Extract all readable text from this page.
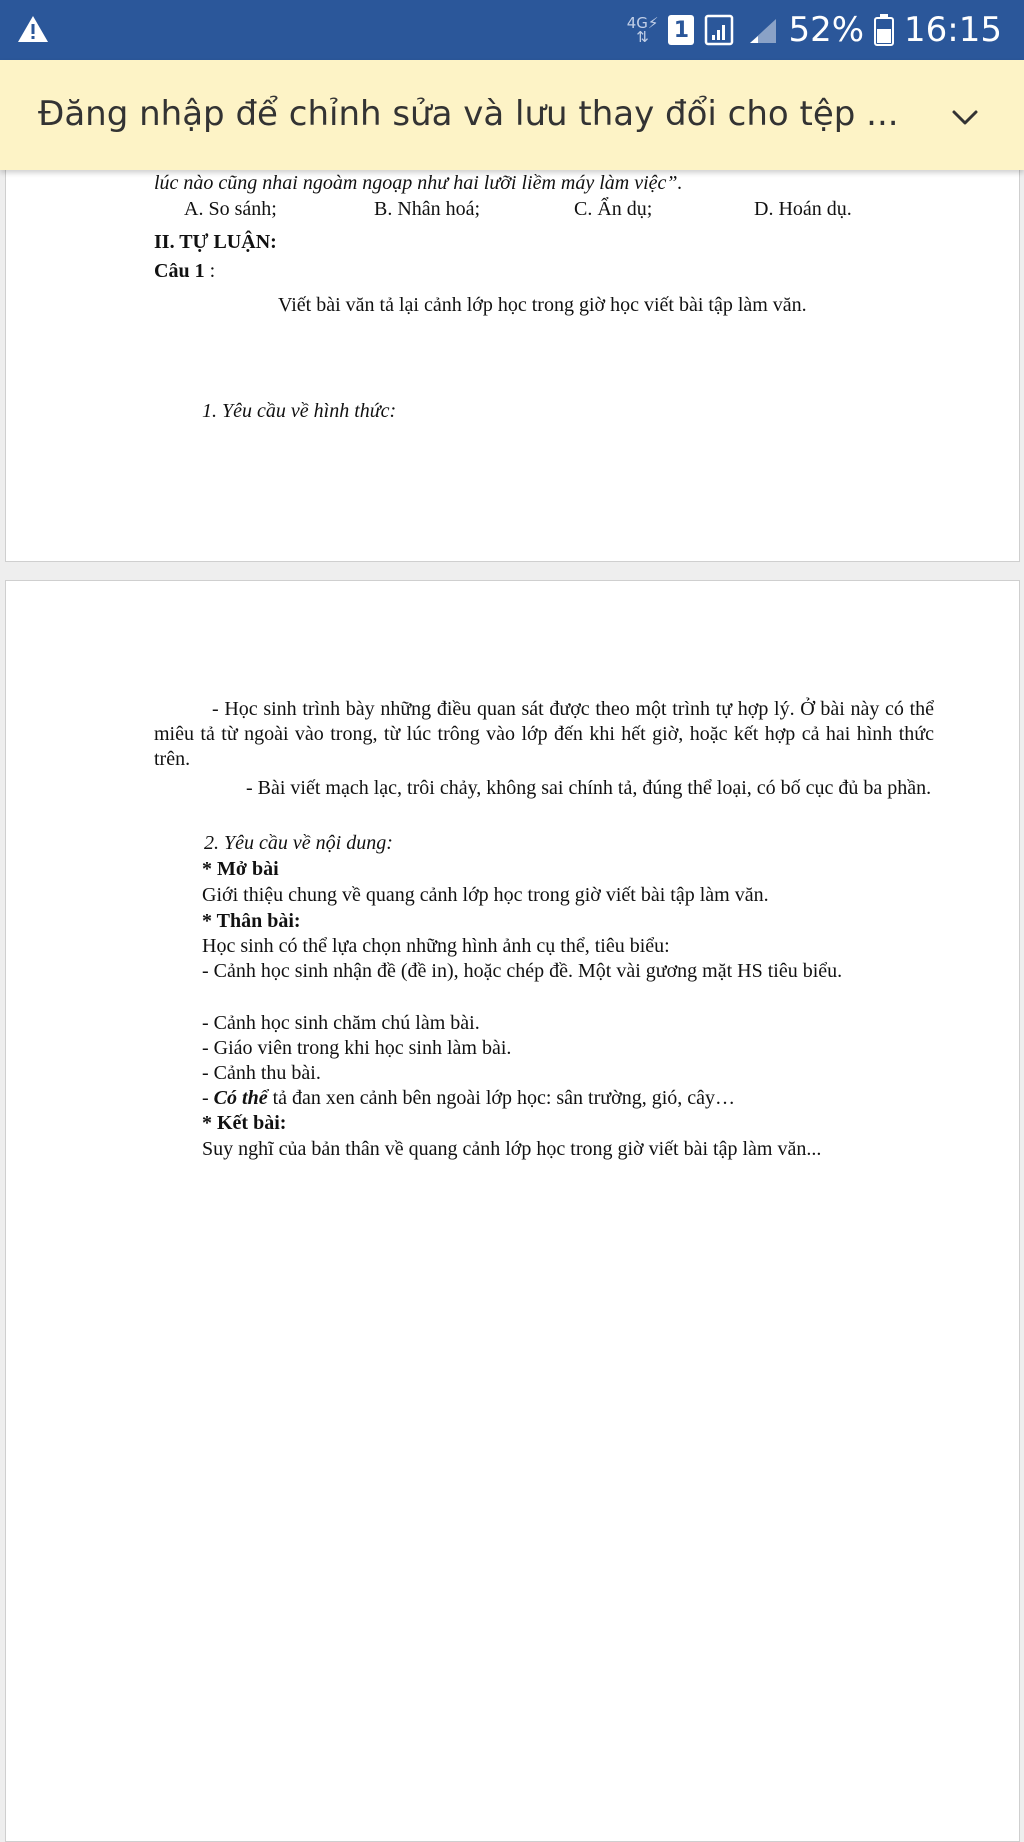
4G⚡
⇅	1	52% 16:15
Đăng nhập để chỉnh sửa và lưu thay đổi cho tệp ...
lúc nào cũng nhai ngoàm ngoạp như hai lưỡi liềm máy làm việc”.
A. So sánh;	B. Nhân hoá;	C. Ẩn dụ;	D. Hoán dụ.
II. TỰ LUẬN:
Câu 1 :
Viết bài văn tả lại cảnh lớp học trong giờ học viết bài tập làm văn.
1. Yêu cầu về hình thức:
- Học sinh trình bày những điều quan sát được theo một trình tự hợp lý. Ở bài này có thể miêu tả từ ngoài vào trong, từ lúc trông vào lớp đến khi hết giờ, hoặc kết hợp cả hai hình thức trên.
- Bài viết mạch lạc, trôi chảy, không sai chính tả, đúng thể loại, có bố cục đủ ba phần.
2. Yêu cầu về nội dung:
* Mở bài
Giới thiệu chung về quang cảnh lớp học trong giờ viết bài tập làm văn.
* Thân bài:
Học sinh có thể lựa chọn những hình ảnh cụ thể, tiêu biểu:
- Cảnh học sinh nhận đề (đề in), hoặc chép đề. Một vài gương mặt HS tiêu biểu.
- Cảnh học sinh chăm chú làm bài.
- Giáo viên trong khi học sinh làm bài.
- Cảnh thu bài.
- Có thể tả đan xen cảnh bên ngoài lớp học: sân trường, gió, cây…
* Kết bài:
Suy nghĩ của bản thân về quang cảnh lớp học trong giờ viết bài tập làm văn...
